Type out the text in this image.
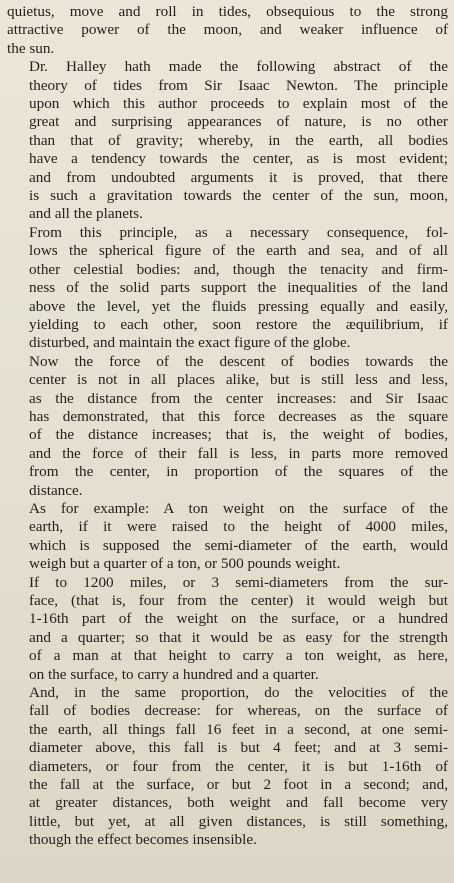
quietus, move and roll in tides, obsequious to the strong
attractive power of the moon, and weaker influence of
the sun.
Dr. Halley hath made the following abstract of the
theory of tides from Sir Isaac Newton. The principle
upon which this author proceeds to explain most of the
great and surprising appearances of nature, is no other
than that of gravity; whereby, in the earth, all bodies
have a tendency towards the center, as is most evident;
and from undoubted arguments it is proved, that there
is such a gravitation towards the center of the sun, moon,
and all the planets.
From this principle, as a necessary consequence, fol-
lows the spherical figure of the earth and sea, and of all
other celestial bodies: and, though the tenacity and firm-
ness of the solid parts support the inequalities of the land
above the level, yet the fluids pressing equally and easily,
yielding to each other, soon restore the æquilibrium, if
disturbed, and maintain the exact figure of the globe.
Now the force of the descent of bodies towards the
center is not in all places alike, but is still less and less,
as the distance from the center increases: and Sir Isaac
has demonstrated, that this force decreases as the square
of the distance increases; that is, the weight of bodies,
and the force of their fall is less, in parts more removed
from the center, in proportion of the squares of the
distance.
As for example: A ton weight on the surface of the
earth, if it were raised to the height of 4000 miles,
which is supposed the semi-diameter of the earth, would
weigh but a quarter of a ton, or 500 pounds weight.
If to 1200 miles, or 3 semi-diameters from the sur-
face, (that is, four from the center) it would weigh but
1-16th part of the weight on the surface, or a hundred
and a quarter; so that it would be as easy for the strength
of a man at that height to carry a ton weight, as here,
on the surface, to carry a hundred and a quarter.
And, in the same proportion, do the velocities of the
fall of bodies decrease: for whereas, on the surface of
the earth, all things fall 16 feet in a second, at one semi-
diameter above, this fall is but 4 feet; and at 3 semi-
diameters, or four from the center, it is but 1-16th of
the fall at the surface, or but 2 foot in a second; and,
at greater distances, both weight and fall become very
little, but yet, at all given distances, is still something,
though the effect becomes insensible.
